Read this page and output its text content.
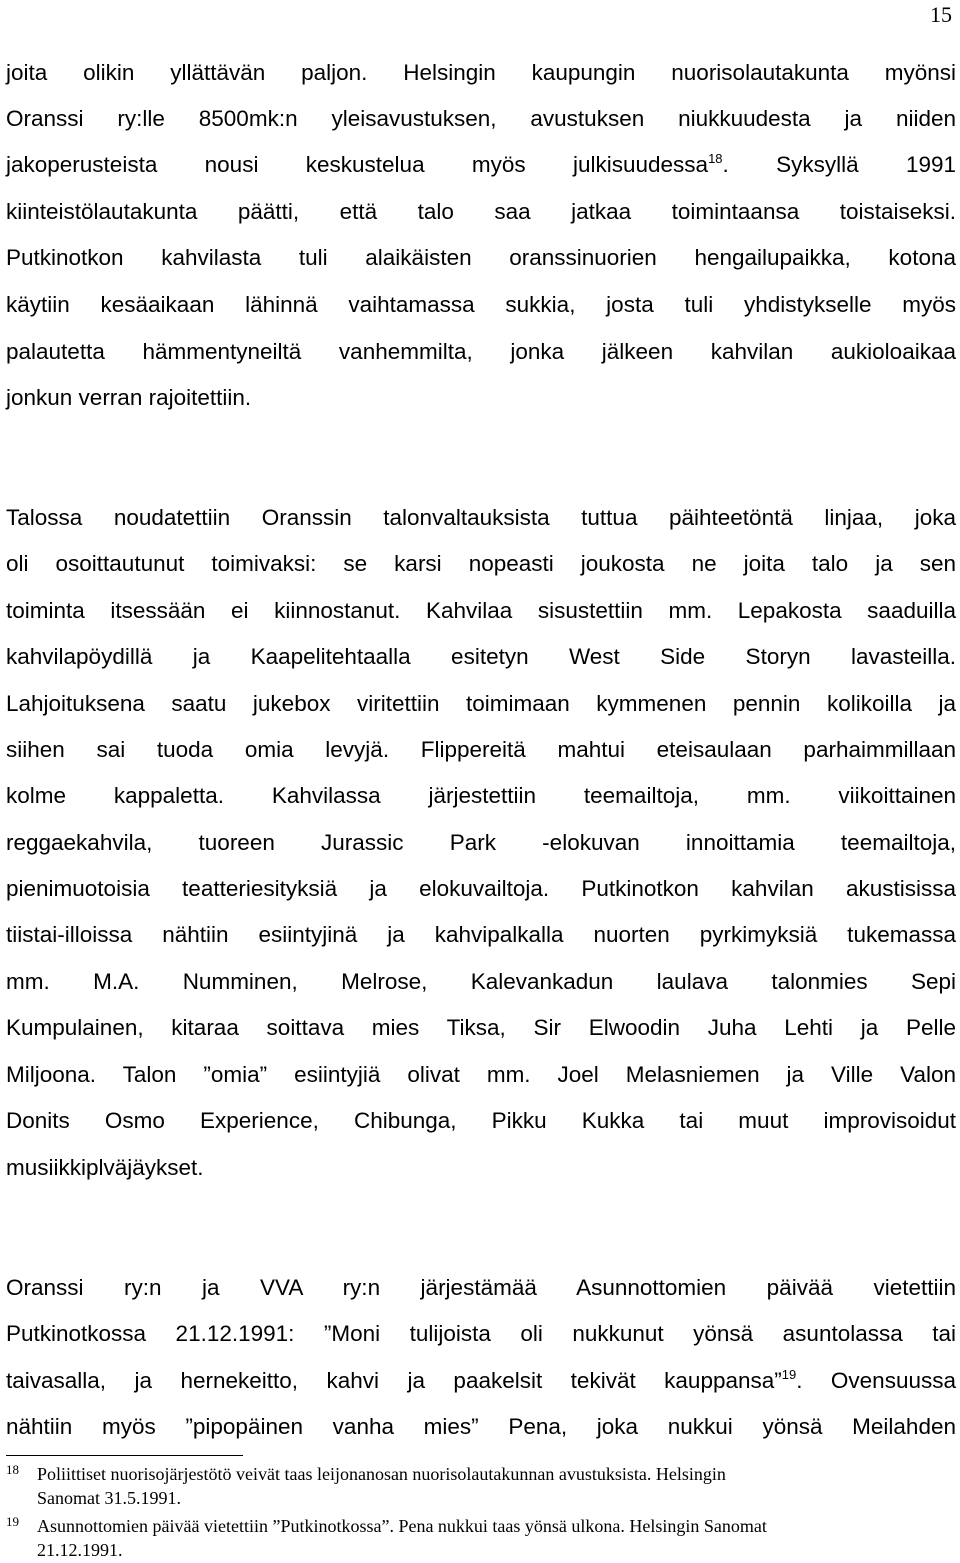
15
joita olikin yllättävän paljon. Helsingin kaupungin nuorisolautakunta myönsi
Oranssi ry:lle 8500mk:n yleisavustuksen, avustuksen niukkuudesta ja niiden
jakoperusteista nousi keskustelua myös julkisuudessa$^{18}$. Syksyllä 1991
kiinteistölautakunta päätti, että talo saa jatkaa toimintaansa toistaiseksi.
Putkinotkon kahvilasta tuli alaikäisten oranssinuorien hengailupaikka, kotona
käytiin kesäaikaan lähinnä vaihtamassa sukkia, josta tuli yhdistykselle myös
palautetta hämmentyneiltä vanhemmilta, jonka jälkeen kahvilan aukioloaikaa
jonkun verran rajoitettiin.
Talossa noudatettiin Oranssin talonvaltauksista tuttua päihteetöntä linjaa, joka
oli osoittautunut toimivaksi: se karsi nopeasti joukosta ne joita talo ja sen
toiminta itsessään ei kiinnostanut. Kahvilaa sisustettiin mm. Lepakosta saaduilla
kahvilapöydillä ja Kaapelitehtaalla esitetyn West Side Storyn lavasteilla.
Lahjoituksena saatu jukebox viritettiin toimimaan kymmenen pennin kolikoilla ja
siihen sai tuoda omia levyjä. Flippereitä mahtui eteisaulaan parhaimmillaan
kolme kappaletta. Kahvilassa järjestettiin teemailtoja, mm. viikoittainen
reggaekahvila, tuoreen Jurassic Park -elokuvan innoittamia teemailtoja,
pienimuotoisia teatteriesityksiä ja elokuvailtoja. Putkinotkon kahvilan akustisissa
tiistai-illoissa nähtiin esiintyjinä ja kahvipalkalla nuorten pyrkimyksiä tukemassa
mm. M.A. Numminen, Melrose, Kalevankadun laulava talonmies Sepi
Kumpulainen, kitaraa soittava mies Tiksa, Sir Elwoodin Juha Lehti ja Pelle
Miljoona. Talon ”omia” esiintyjiä olivat mm. Joel Melasniemen ja Ville Valon
Donits Osmo Experience, Chibunga, Pikku Kukka tai muut improvisoidut
musiikkiplväjäykset.
Oranssi ry:n ja VVA ry:n järjestämää Asunnottomien päivää vietettiin
Putkinotkossa 21.12.1991: ”Moni tulijoista oli nukkunut yönsä asuntolassa tai
taivasalla, ja hernekeitto, kahvi ja paakelsit tekivät kauppansa”$^{19}$. Ovensuussa
nähtiin myös ”pipopäinen vanha mies” Pena, joka nukkui yönsä Meilahden
18 Poliittiset nuorisojärjestötö veivät taas leijonanosan nuorisolautakunnan avustuksista. Helsingin
Sanomat 31.5.1991.
19 Asunnottomien päivää vietettiin ”Putkinotkossa”. Pena nukkui taas yönsä ulkona. Helsingin Sanomat
21.12.1991.
